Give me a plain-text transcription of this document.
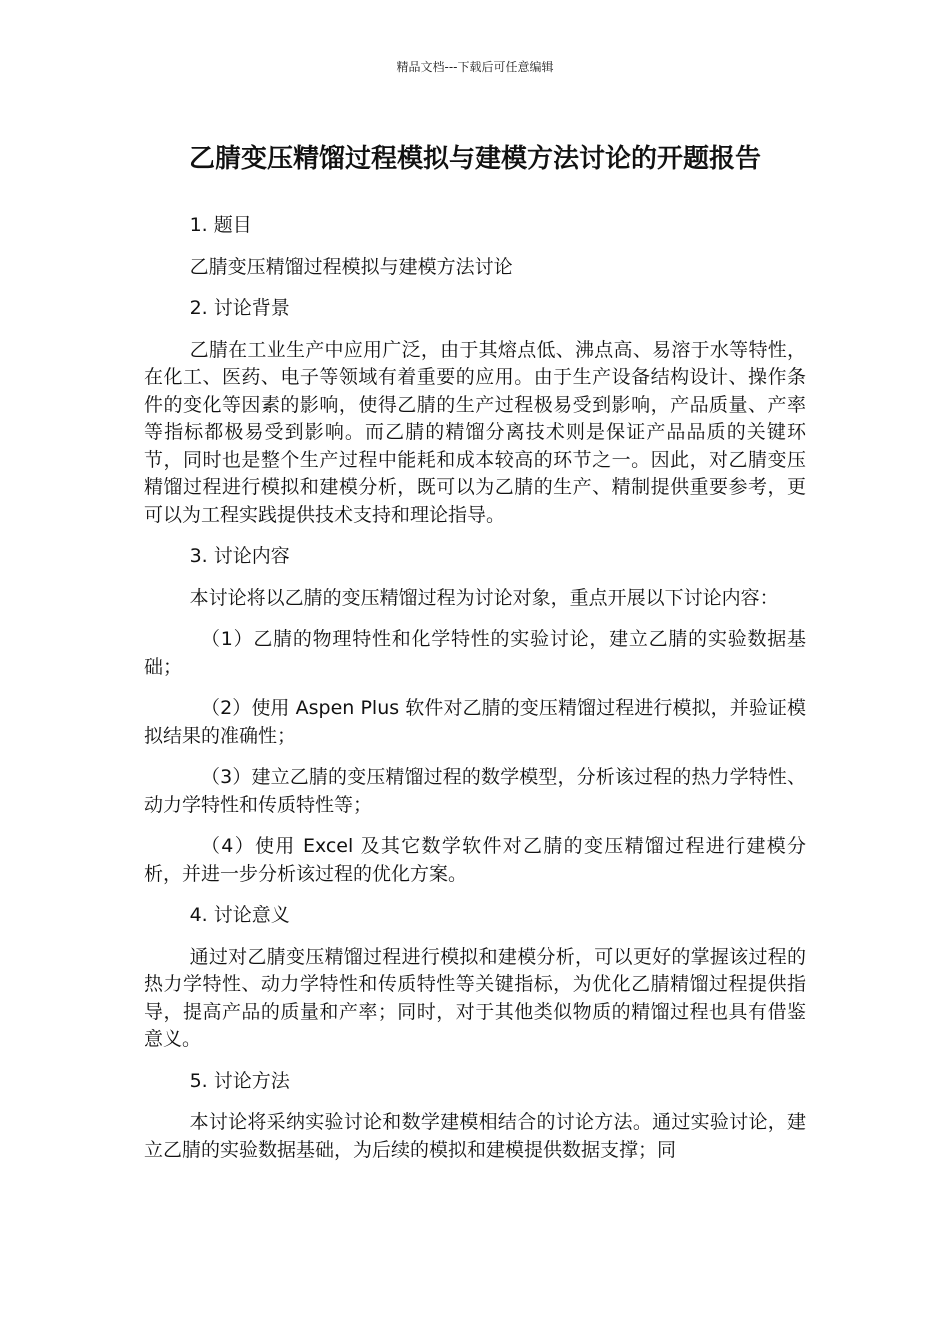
精品文档---下载后可任意编辑
乙腈变压精馏过程模拟与建模方法讨论的开题报告

1. 题目

乙腈变压精馏过程模拟与建模方法讨论

2. 讨论背景

乙腈在工业生产中应用广泛，由于其熔点低、沸点高、易溶于水等特性，在化工、医药、电子等领域有着重要的应用。由于生产设备结构设计、操作条件的变化等因素的影响，使得乙腈的生产过程极易受到影响，产品质量、产率等指标都极易受到影响。而乙腈的精馏分离技术则是保证产品品质的关键环节，同时也是整个生产过程中能耗和成本较高的环节之一。因此，对乙腈变压精馏过程进行模拟和建模分析，既可以为乙腈的生产、精制提供重要参考，更可以为工程实践提供技术支持和理论指导。

3. 讨论内容

本讨论将以乙腈的变压精馏过程为讨论对象，重点开展以下讨论内容：

（1）乙腈的物理特性和化学特性的实验讨论，建立乙腈的实验数据基础；

（2）使用 Aspen Plus 软件对乙腈的变压精馏过程进行模拟，并验证模拟结果的准确性；

（3）建立乙腈的变压精馏过程的数学模型，分析该过程的热力学特性、动力学特性和传质特性等；

（4）使用 Excel 及其它数学软件对乙腈的变压精馏过程进行建模分析，并进一步分析该过程的优化方案。

4. 讨论意义

通过对乙腈变压精馏过程进行模拟和建模分析，可以更好的掌握该过程的热力学特性、动力学特性和传质特性等关键指标，为优化乙腈精馏过程提供指导，提高产品的质量和产率；同时，对于其他类似物质的精馏过程也具有借鉴意义。

5. 讨论方法

本讨论将采纳实验讨论和数学建模相结合的讨论方法。通过实验讨论，建立乙腈的实验数据基础，为后续的模拟和建模提供数据支撑；同
